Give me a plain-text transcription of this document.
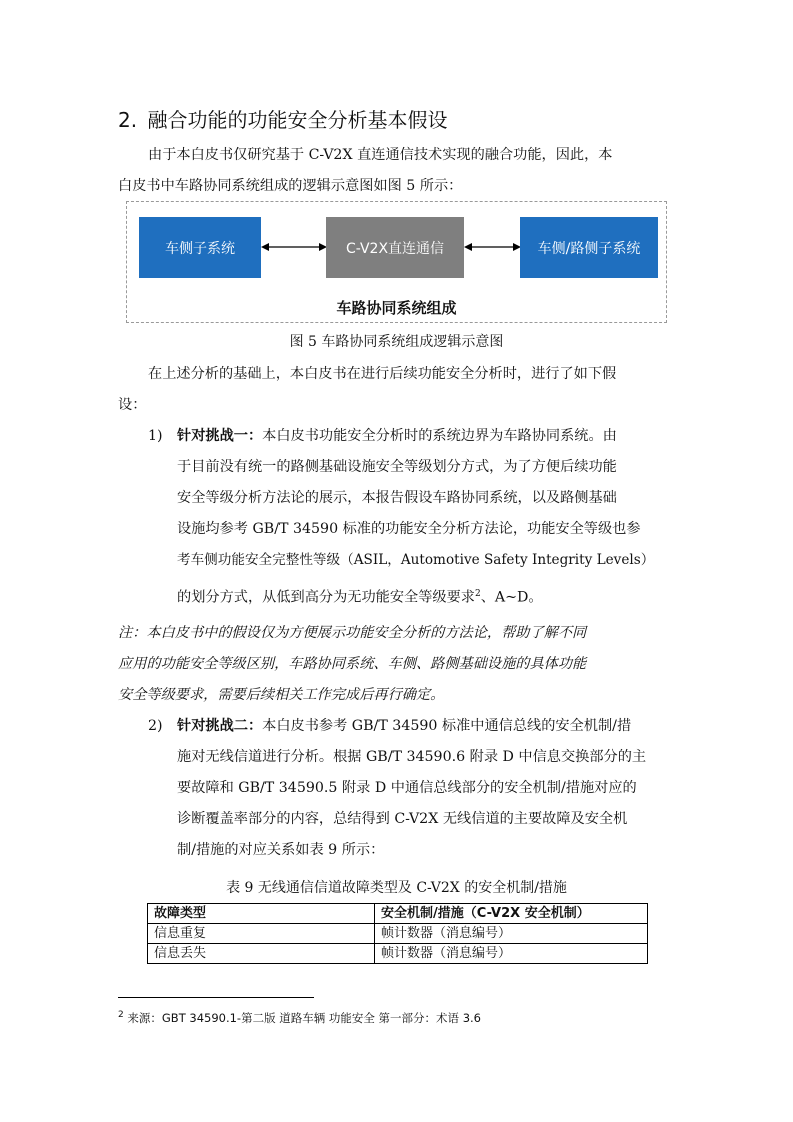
2. 融合功能的功能安全分析基本假设
由于本白皮书仅研究基于 C-V2X 直连通信技术实现的融合功能，因此，本
白皮书中车路协同系统组成的逻辑示意图如图 5 所示：
车侧子系统	C-V2X直连通信	车侧/路侧子系统
车路协同系统组成
图 5 车路协同系统组成逻辑示意图
在上述分析的基础上，本白皮书在进行后续功能安全分析时，进行了如下假
设：
1) 针对挑战一：本白皮书功能安全分析时的系统边界为车路协同系统。由
于目前没有统一的路侧基础设施安全等级划分方式，为了方便后续功能
安全等级分析方法论的展示，本报告假设车路协同系统，以及路侧基础
设施均参考 GB/T 34590 标准的功能安全分析方法论，功能安全等级也参
考车侧功能安全完整性等级（ASIL，Automotive Safety Integrity Levels）
的划分方式，从低到高分为无功能安全等级要求$^2$、A~D。
注：本白皮书中的假设仅为方便展示功能安全分析的方法论，帮助了解不同
应用的功能安全等级区别，车路协同系统、车侧、路侧基础设施的具体功能
安全等级要求，需要后续相关工作完成后再行确定。
2) 针对挑战二：本白皮书参考 GB/T 34590 标准中通信总线的安全机制/措
施对无线信道进行分析。根据 GB/T 34590.6 附录 D 中信息交换部分的主
要故障和 GB/T 34590.5 附录 D 中通信总线部分的安全机制/措施对应的
诊断覆盖率部分的内容，总结得到 C-V2X 无线信道的主要故障及安全机
制/措施的对应关系如表 9 所示：
表 9 无线通信信道故障类型及 C-V2X 的安全机制/措施
故障类型	安全机制/措施（C-V2X 安全机制）
信息重复	帧计数器（消息编号）
信息丢失	帧计数器（消息编号）
$^2$ 来源：GBT 34590.1-第二版 道路车辆 功能安全 第一部分：术语 3.6
